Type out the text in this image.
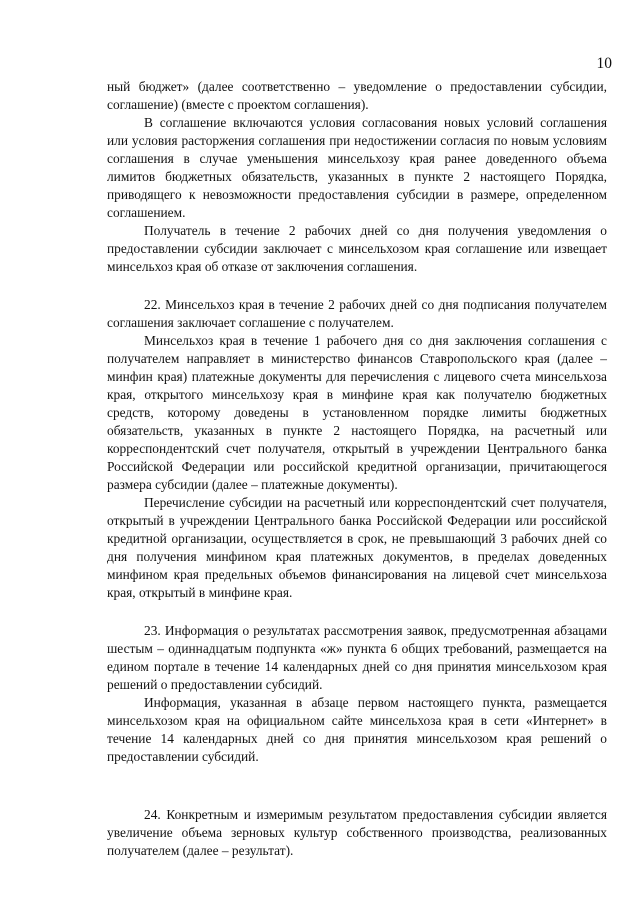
10

ный бюджет» (далее соответственно – уведомление о предоставлении субсидии, соглашение) (вместе с проектом соглашения).

В соглашение включаются условия согласования новых условий соглашения или условия расторжения соглашения при недостижении согласия по новым условиям соглашения в случае уменьшения минсельхозу края ранее доведенного объема лимитов бюджетных обязательств, указанных в пункте 2 настоящего Порядка, приводящего к невозможности предоставления субсидии в размере, определенном соглашением.

Получатель в течение 2 рабочих дней со дня получения уведомления о предоставлении субсидии заключает с минсельхозом края соглашение или извещает минсельхоз края об отказе от заключения соглашения.

22. Минсельхоз края в течение 2 рабочих дней со дня подписания получателем соглашения заключает соглашение с получателем.

Минсельхоз края в течение 1 рабочего дня со дня заключения соглашения с получателем направляет в министерство финансов Ставропольского края (далее – минфин края) платежные документы для перечисления с лицевого счета минсельхоза края, открытого минсельхозу края в минфине края как получателю бюджетных средств, которому доведены в установленном порядке лимиты бюджетных обязательств, указанных в пункте 2 настоящего Порядка, на расчетный или корреспондентский счет получателя, открытый в учреждении Центрального банка Российской Федерации или российской кредитной организации, причитающегося размера субсидии (далее – платежные документы).

Перечисление субсидии на расчетный или корреспондентский счет получателя, открытый в учреждении Центрального банка Российской Федерации или российской кредитной организации, осуществляется в срок, не превышающий 3 рабочих дней со дня получения минфином края платежных документов, в пределах доведенных минфином края предельных объемов финансирования на лицевой счет минсельхоза края, открытый в минфине края.

23. Информация о результатах рассмотрения заявок, предусмотренная абзацами шестым – одиннадцатым подпункта «ж» пункта 6 общих требований, размещается на едином портале в течение 14 календарных дней со дня принятия минсельхозом края решений о предоставлении субсидий.

Информация, указанная в абзаце первом настоящего пункта, размещается минсельхозом края на официальном сайте минсельхоза края в сети «Интернет» в течение 14 календарных дней со дня принятия минсельхозом края решений о предоставлении субсидий.

24. Конкретным и измеримым результатом предоставления субсидии является увеличение объема зерновых культур собственного производства, реализованных получателем (далее – результат).
